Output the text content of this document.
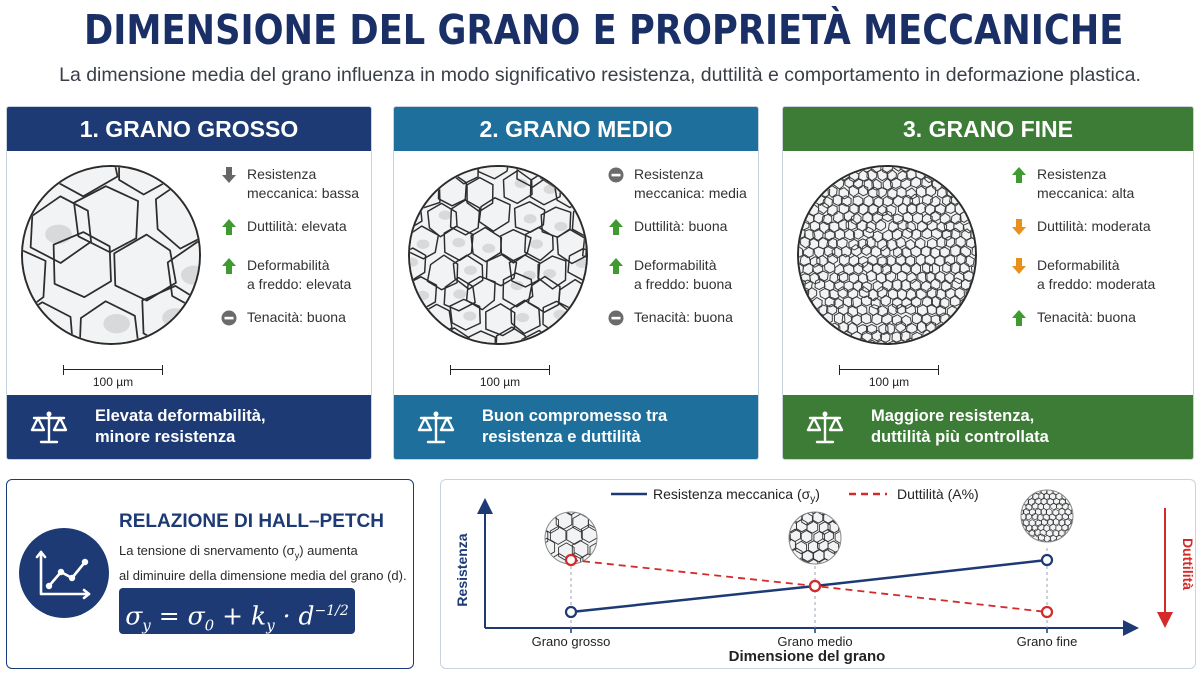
DIMENSIONE DEL GRANO E PROPRIETÀ MECCANICHE
La dimensione media del grano influenza in modo significativo resistenza, duttilità e comportamento in deformazione plastica.
1. GRANO GROSSO
100 µm
Resistenza
meccanica: bassa
Duttilità: elevata
Deformabilità
a freddo: elevata
Tenacità: buona
Elevata deformabilità,
minore resistenza
2. GRANO MEDIO
100 µm
Resistenza
meccanica: media
Duttilità: buona
Deformabilità
a freddo: buona
Tenacità: buona
Buon compromesso tra
resistenza e duttilità
3. GRANO FINE
100 µm
Resistenza
meccanica: alta
Duttilità: moderata
Deformabilità
a freddo: moderata
Tenacità: buona
Maggiore resistenza,
duttilità più controllata
RELAZIONE DI HALL–PETCH
La tensione di snervamento $(\sigma_y)$ aumenta
al diminuire della dimensione media del grano (d).
$\sigma_y = \sigma_0 + k_y \cdot d^{-1/2}$
Resistenza meccanica $(\sigma_y)$	Duttilità (A%)
Resistenza	Duttilità
Dimensione del grano
Grano grosso	Grano medio	Grano fine
